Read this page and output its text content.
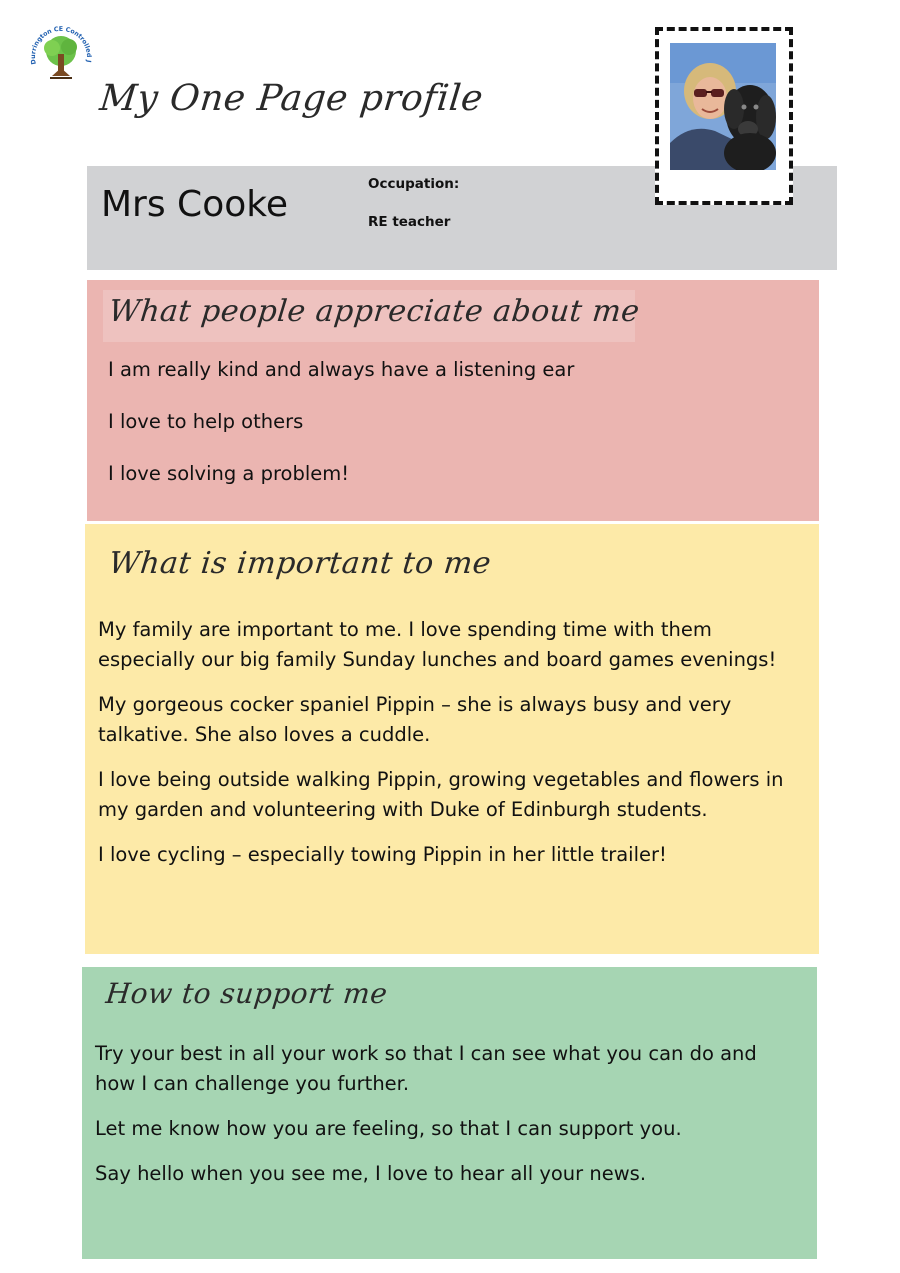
Durrington CE Controlled J
My One Page profile
Mrs Cooke	Occupation:
RE teacher
What people appreciate about me

I am really kind and always have a listening ear

I love to help others

I love solving a problem!

What is important to me

My family are important to me. I love spending time with them especially our big family Sunday lunches and board games evenings!

My gorgeous cocker spaniel Pippin – she is always busy and very talkative. She also loves a cuddle.

I love being outside walking Pippin, growing vegetables and flowers in my garden and volunteering with Duke of Edinburgh students.

I love cycling – especially towing Pippin in her little trailer!

How to support me

Try your best in all your work so that I can see what you can do and how I can challenge you further.

Let me know how you are feeling, so that I can support you.

Say hello when you see me, I love to hear all your news.
